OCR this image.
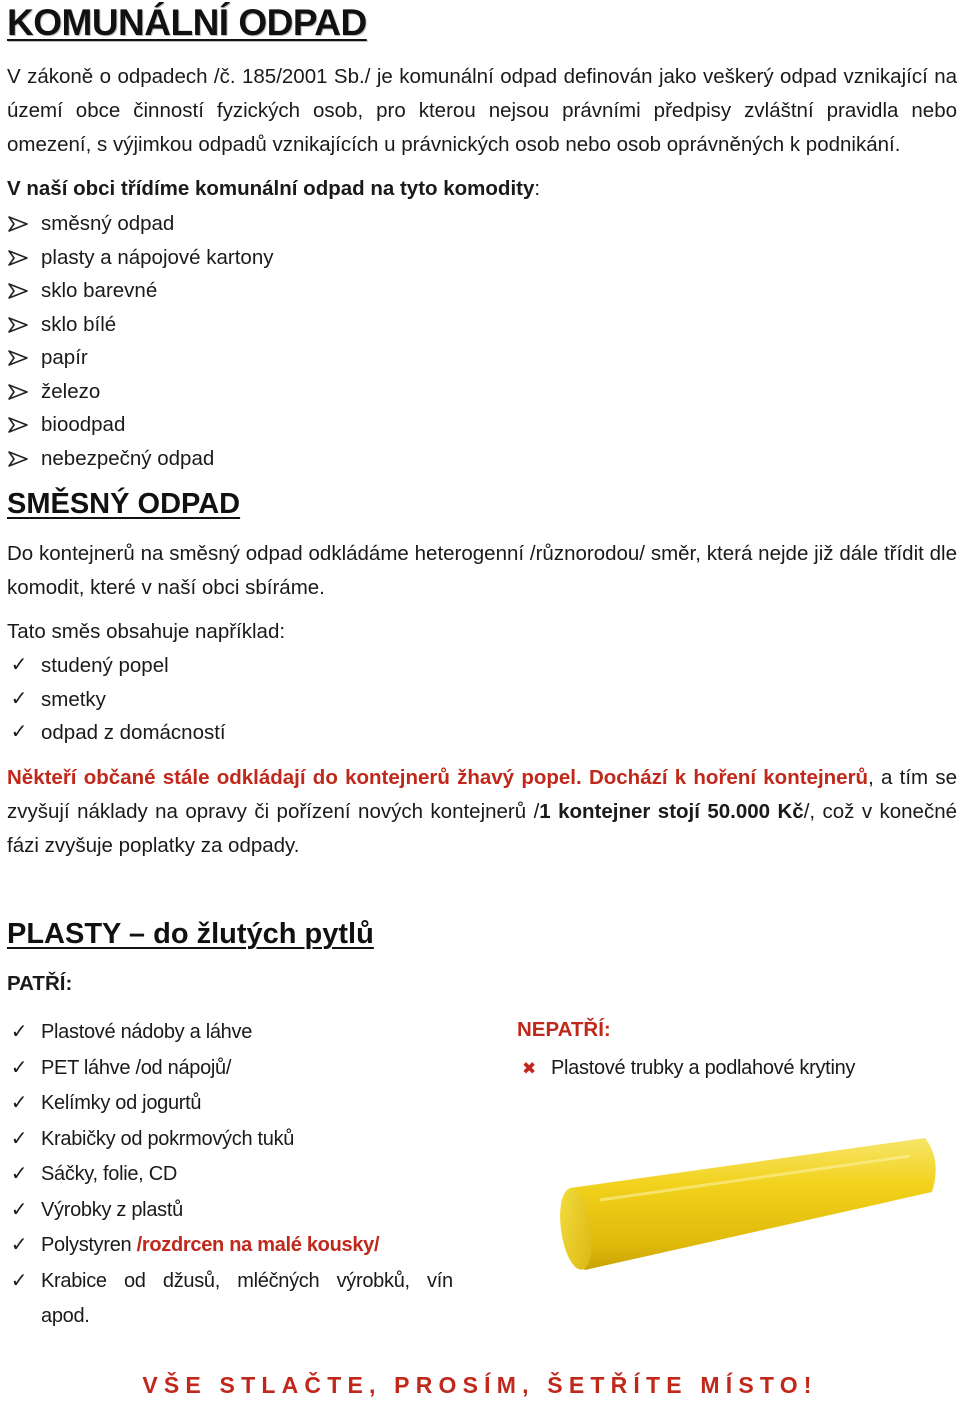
KOMUNÁLNÍ ODPAD

V zákoně o odpadech /č. 185/2001 Sb./ je komunální odpad definován jako veškerý odpad vznikající na území obce činností fyzických osob, pro kterou nejsou právními předpisy zvláštní pravidla nebo omezení, s výjimkou odpadů vznikajících u právnických osob nebo osob oprávněných k podnikání.

V naší obci třídíme komunální odpad na tyto komodity:

směsný odpad
plasty a nápojové kartony
sklo barevné
sklo bílé
papír
železo
bioodpad
nebezpečný odpad
SMĚSNÝ ODPAD

Do kontejnerů na směsný odpad odkládáme heterogenní /různorodou/ směr, která nejde již dále třídit dle komodit, které v naší obci sbíráme.

Tato směs obsahuje například:

✓ studený popel
✓ smetky
✓ odpad z domácností

Někteří občané stále odkládají do kontejnerů žhavý popel. Dochází k hoření kontejnerů, a tím se zvyšují náklady na opravy či pořízení nových kontejnerů /1 kontejner stojí 50.000 Kč/, což v konečné fázi zvyšuje poplatky za odpady.

PLASTY – do žlutých pytlů

PATŘÍ:

✓ Plastové nádoby a láhve
✓ PET láhve /od nápojů/
✓ Kelímky od jogurtů
✓ Krabičky od pokrmových tuků
✓ Sáčky, folie, CD
✓ Výrobky z plastů
✓ Polystyren /rozdrcen na malé kousky/
✓ Krabice od džusů, mléčných výrobků, vín
apod.

NEPATŘÍ:

✖ Plastové trubky a podlahové krytiny

VŠE STLAČTE, PROSÍM, ŠETŘÍTE MÍSTO!
